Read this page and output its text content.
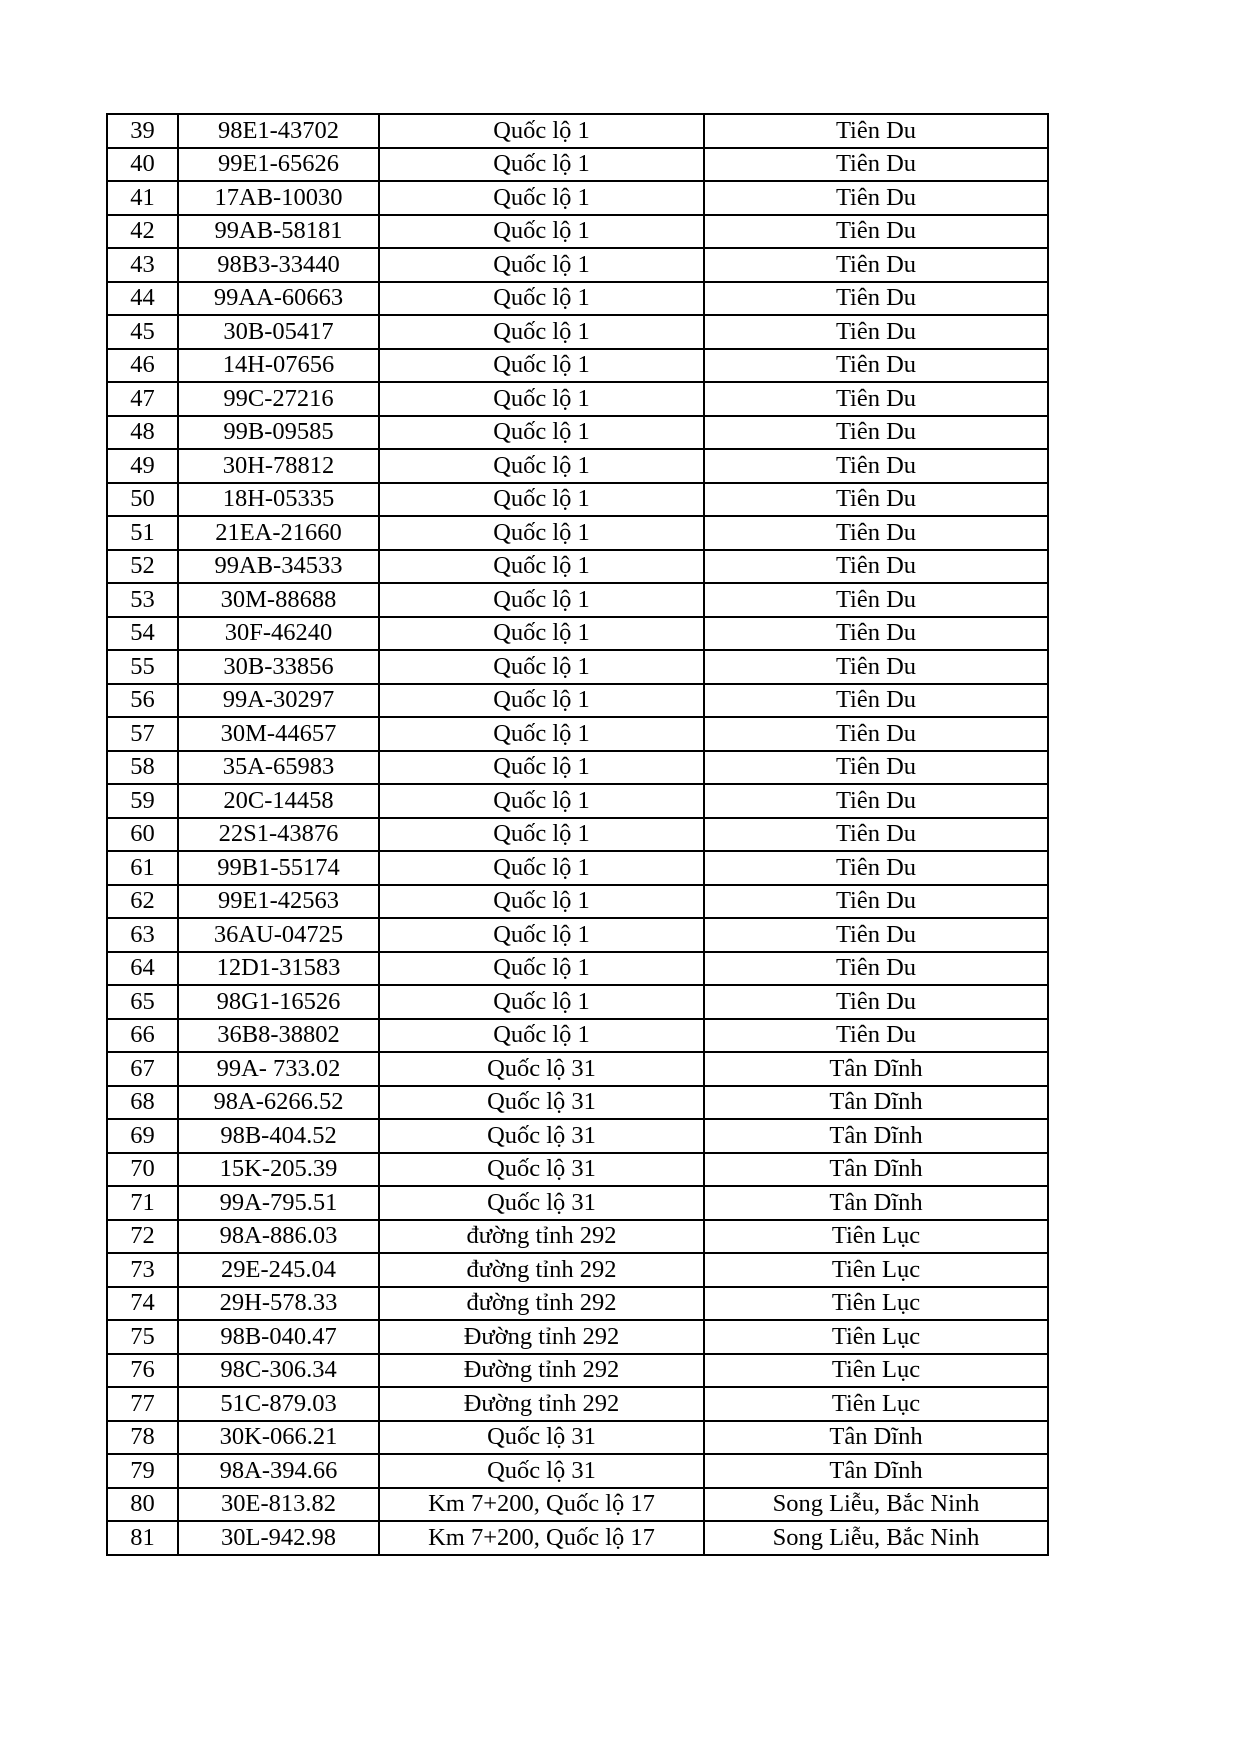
39	98E1-43702	Quốc lộ 1	Tiên Du
40	99E1-65626	Quốc lộ 1	Tiên Du
41	17AB-10030	Quốc lộ 1	Tiên Du
42	99AB-58181	Quốc lộ 1	Tiên Du
43	98B3-33440	Quốc lộ 1	Tiên Du
44	99AA-60663	Quốc lộ 1	Tiên Du
45	30B-05417	Quốc lộ 1	Tiên Du
46	14H-07656	Quốc lộ 1	Tiên Du
47	99C-27216	Quốc lộ 1	Tiên Du
48	99B-09585	Quốc lộ 1	Tiên Du
49	30H-78812	Quốc lộ 1	Tiên Du
50	18H-05335	Quốc lộ 1	Tiên Du
51	21EA-21660	Quốc lộ 1	Tiên Du
52	99AB-34533	Quốc lộ 1	Tiên Du
53	30M-88688	Quốc lộ 1	Tiên Du
54	30F-46240	Quốc lộ 1	Tiên Du
55	30B-33856	Quốc lộ 1	Tiên Du
56	99A-30297	Quốc lộ 1	Tiên Du
57	30M-44657	Quốc lộ 1	Tiên Du
58	35A-65983	Quốc lộ 1	Tiên Du
59	20C-14458	Quốc lộ 1	Tiên Du
60	22S1-43876	Quốc lộ 1	Tiên Du
61	99B1-55174	Quốc lộ 1	Tiên Du
62	99E1-42563	Quốc lộ 1	Tiên Du
63	36AU-04725	Quốc lộ 1	Tiên Du
64	12D1-31583	Quốc lộ 1	Tiên Du
65	98G1-16526	Quốc lộ 1	Tiên Du
66	36B8-38802	Quốc lộ 1	Tiên Du
67	99A- 733.02	Quốc lộ 31	Tân Dĩnh
68	98A-6266.52	Quốc lộ 31	Tân Dĩnh
69	98B-404.52	Quốc lộ 31	Tân Dĩnh
70	15K-205.39	Quốc lộ 31	Tân Dĩnh
71	99A-795.51	Quốc lộ 31	Tân Dĩnh
72	98A-886.03	đường tỉnh 292	Tiên Lục
73	29E-245.04	đường tỉnh 292	Tiên Lục
74	29H-578.33	đường tỉnh 292	Tiên Lục
75	98B-040.47	Đường tỉnh 292	Tiên Lục
76	98C-306.34	Đường tỉnh 292	Tiên Lục
77	51C-879.03	Đường tỉnh 292	Tiên Lục
78	30K-066.21	Quốc lộ 31	Tân Dĩnh
79	98A-394.66	Quốc lộ 31	Tân Dĩnh
80	30E-813.82	Km 7+200, Quốc lộ 17	Song Liễu, Bắc Ninh
81	30L-942.98	Km 7+200, Quốc lộ 17	Song Liễu, Bắc Ninh
